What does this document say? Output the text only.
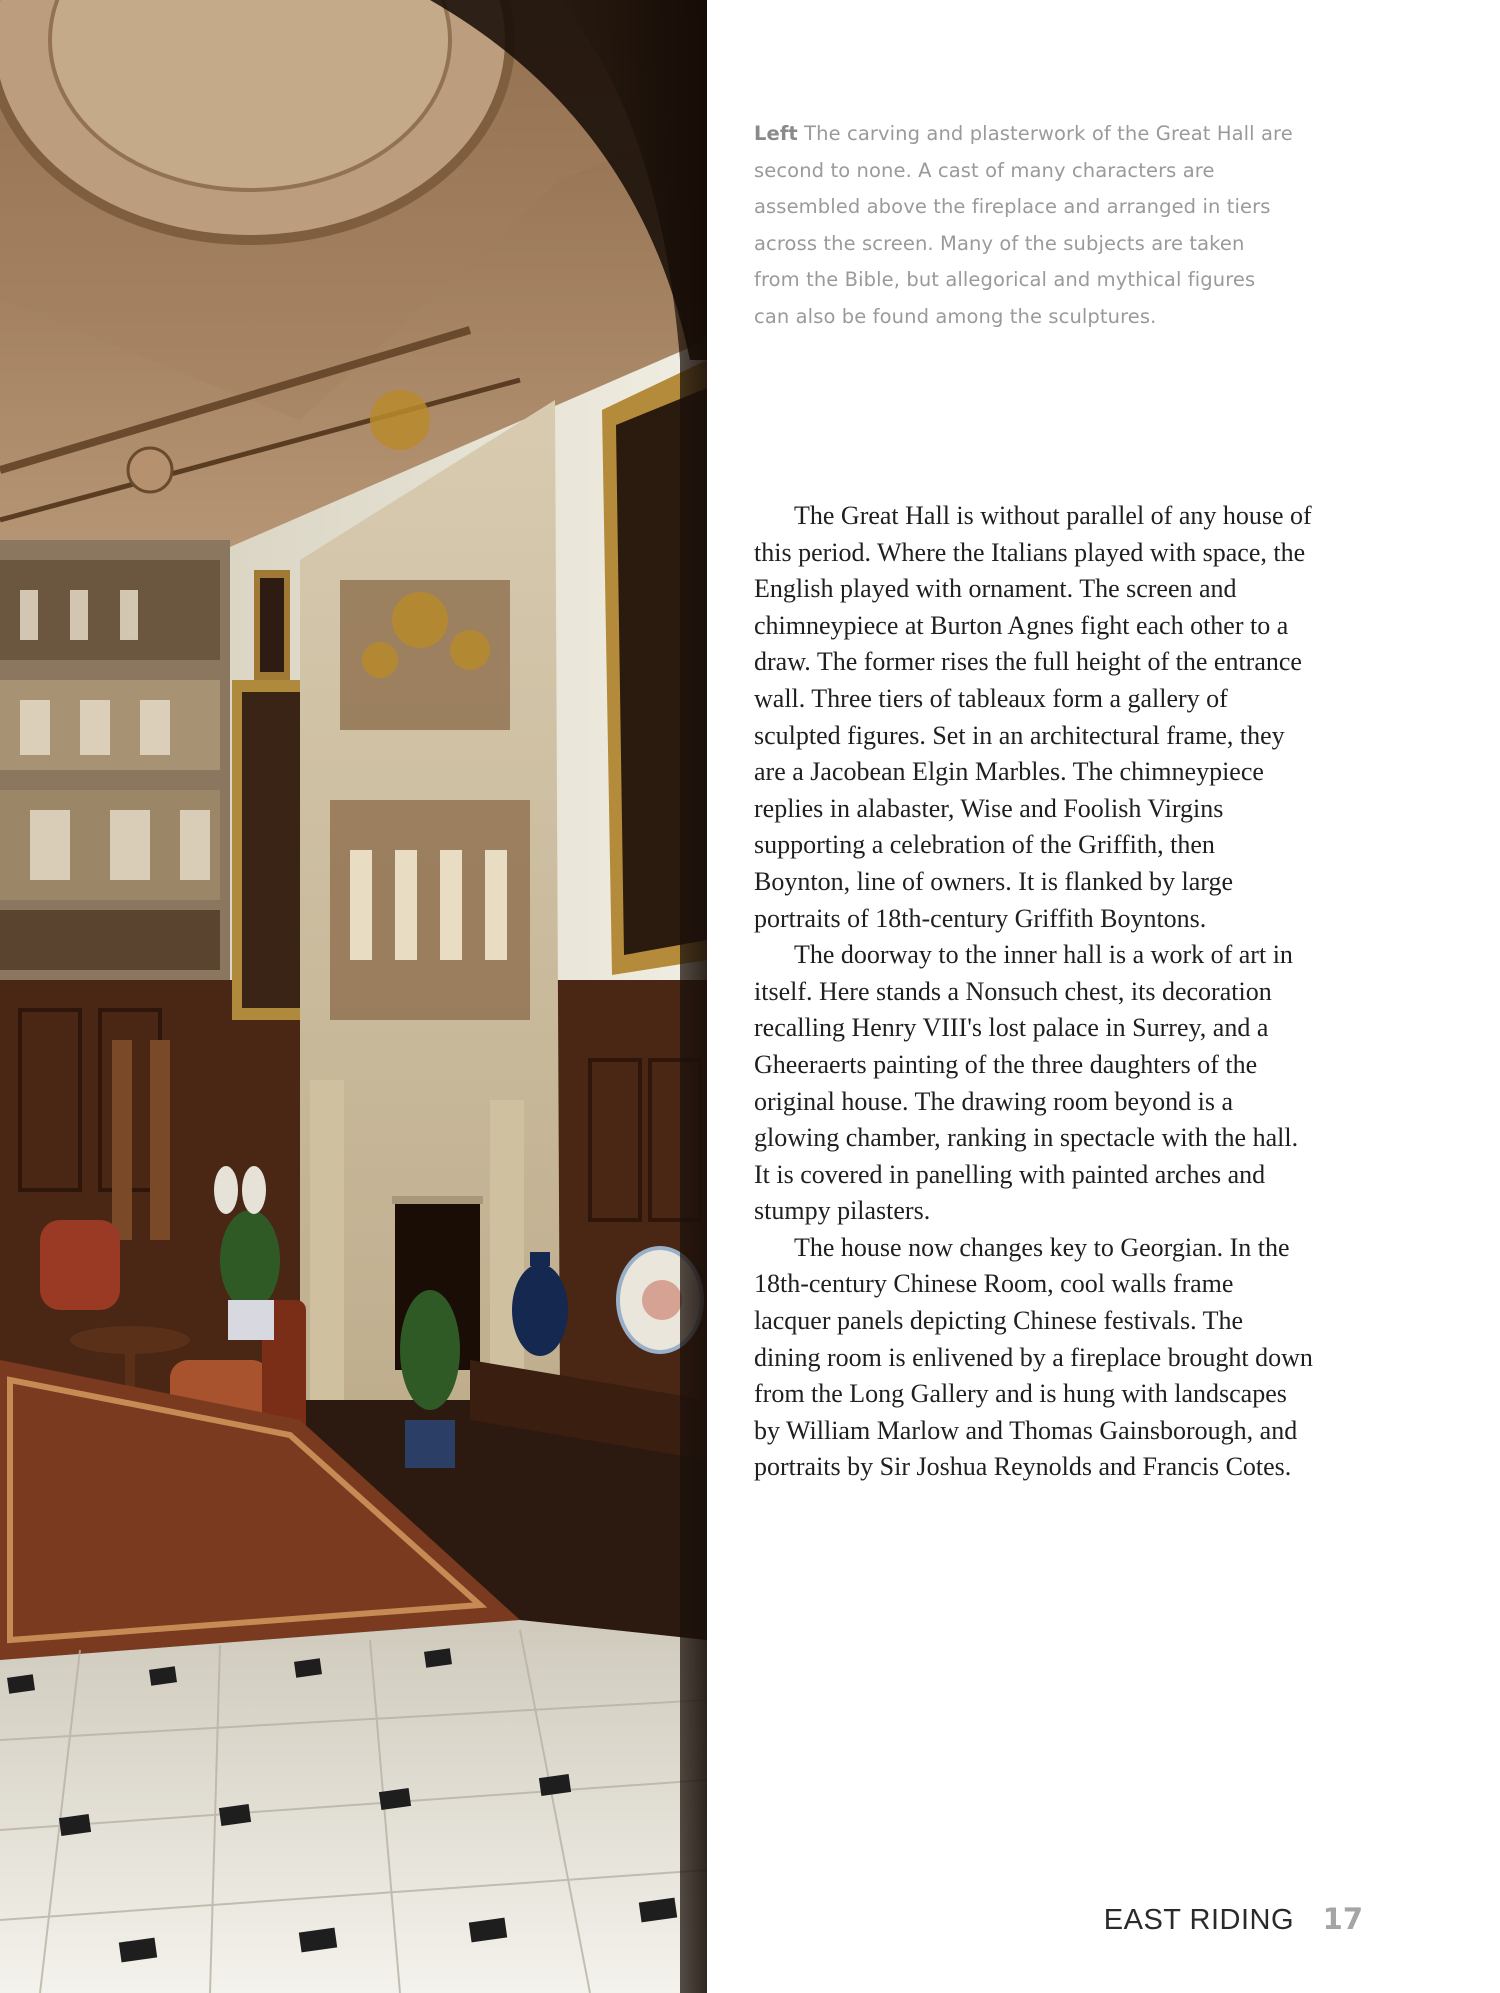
Left The carving and plasterwork of the Great Hall are second to none. A cast of many characters are assembled above the fireplace and arranged in tiers across the screen. Many of the subjects are taken from the Bible, but allegorical and mythical figures can also be found among the sculptures.

The Great Hall is without parallel of any house of this period. Where the Italians played with space, the English played with ornament. The screen and chimneypiece at Burton Agnes fight each other to a draw. The former rises the full height of the entrance wall. Three tiers of tableaux form a gallery of sculpted figures. Set in an architectural frame, they are a Jacobean Elgin Marbles. The chimneypiece replies in alabaster, Wise and Foolish Virgins supporting a celebration of the Griffith, then Boynton, line of owners. It is flanked by large portraits of 18th-century Griffith Boyntons.

The doorway to the inner hall is a work of art in itself. Here stands a Nonsuch chest, its decoration recalling Henry VIII's lost palace in Surrey, and a Gheeraerts painting of the three daughters of the original house. The drawing room beyond is a glowing chamber, ranking in spectacle with the hall. It is covered in panelling with painted arches and stumpy pilasters.

The house now changes key to Georgian. In the 18th-century Chinese Room, cool walls frame lacquer panels depicting Chinese festivals. The dining room is enlivened by a fireplace brought down from the Long Gallery and is hung with landscapes by William Marlow and Thomas Gainsborough, and portraits by Sir Joshua Reynolds and Francis Cotes.

EAST RIDING 17
